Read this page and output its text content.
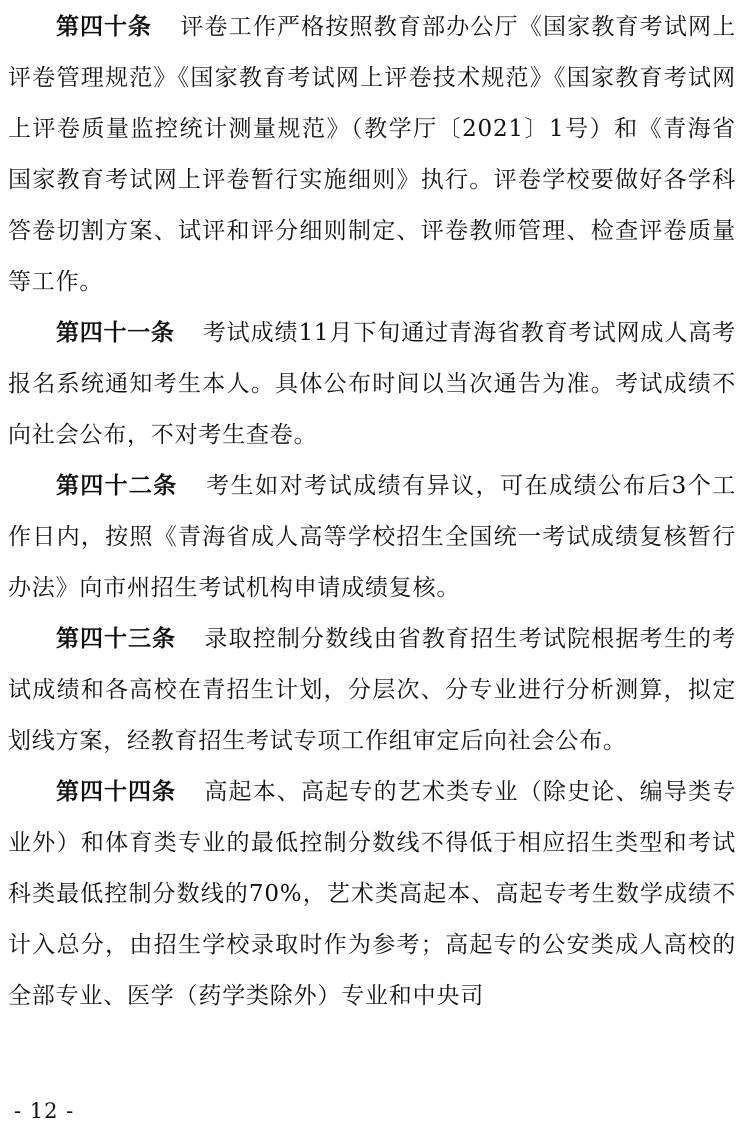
第四十条 评卷工作严格按照教育部办公厅《国家教育考试网上评卷管理规范》《国家教育考试网上评卷技术规范》《国家教育考试网上评卷质量监控统计测量规范》（教学厅〔2021〕1号）和《青海省国家教育考试网上评卷暂行实施细则》执行。评卷学校要做好各学科答卷切割方案、试评和评分细则制定、评卷教师管理、检查评卷质量等工作。

第四十一条 考试成绩11月下旬通过青海省教育考试网成人高考报名系统通知考生本人。具体公布时间以当次通告为准。考试成绩不向社会公布，不对考生查卷。

第四十二条 考生如对考试成绩有异议，可在成绩公布后3个工作日内，按照《青海省成人高等学校招生全国统一考试成绩复核暂行办法》向市州招生考试机构申请成绩复核。

第四十三条 录取控制分数线由省教育招生考试院根据考生的考试成绩和各高校在青招生计划，分层次、分专业进行分析测算，拟定划线方案，经教育招生考试专项工作组审定后向社会公布。

第四十四条 高起本、高起专的艺术类专业（除史论、编导类专业外）和体育类专业的最低控制分数线不得低于相应招生类型和考试科类最低控制分数线的70%，艺术类高起本、高起专考生数学成绩不计入总分，由招生学校录取时作为参考；高起专的公安类成人高校的全部专业、医学（药学类除外）专业和中央司

- 12 -
